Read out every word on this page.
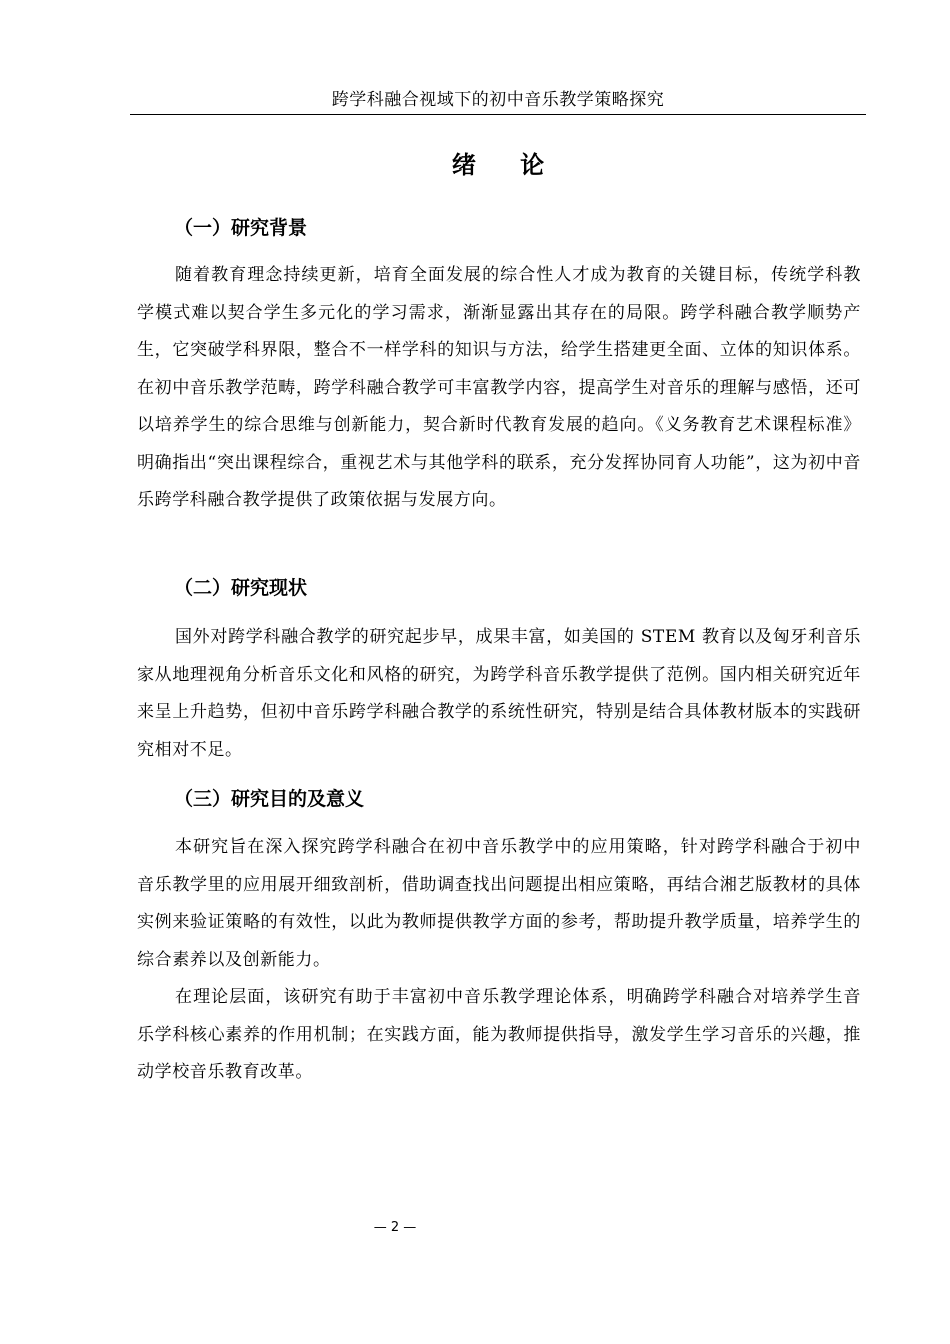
跨学科融合视域下的初中音乐教学策略探究
绪 论
（一）研究背景

随着教育理念持续更新，培育全面发展的综合性人才成为教育的关键目标，传统学科教学模式难以契合学生多元化的学习需求，渐渐显露出其存在的局限。跨学科融合教学顺势产生，它突破学科界限，整合不一样学科的知识与方法，给学生搭建更全面、立体的知识体系。在初中音乐教学范畴，跨学科融合教学可丰富教学内容，提高学生对音乐的理解与感悟，还可以培养学生的综合思维与创新能力，契合新时代教育发展的趋向。《义务教育艺术课程标准》明确指出“突出课程综合，重视艺术与其他学科的联系，充分发挥协同育人功能”，这为初中音乐跨学科融合教学提供了政策依据与发展方向。

（二）研究现状

国外对跨学科融合教学的研究起步早，成果丰富，如美国的 STEM 教育以及匈牙利音乐家从地理视角分析音乐文化和风格的研究，为跨学科音乐教学提供了范例。国内相关研究近年来呈上升趋势，但初中音乐跨学科融合教学的系统性研究，特别是结合具体教材版本的实践研究相对不足。

（三）研究目的及意义

本研究旨在深入探究跨学科融合在初中音乐教学中的应用策略，针对跨学科融合于初中音乐教学里的应用展开细致剖析，借助调查找出问题提出相应策略，再结合湘艺版教材的具体实例来验证策略的有效性，以此为教师提供教学方面的参考，帮助提升教学质量，培养学生的综合素养以及创新能力。

在理论层面，该研究有助于丰富初中音乐教学理论体系，明确跨学科融合对培养学生音乐学科核心素养的作用机制；在实践方面，能为教师提供指导，激发学生学习音乐的兴趣，推动学校音乐教育改革。

— 2 —
